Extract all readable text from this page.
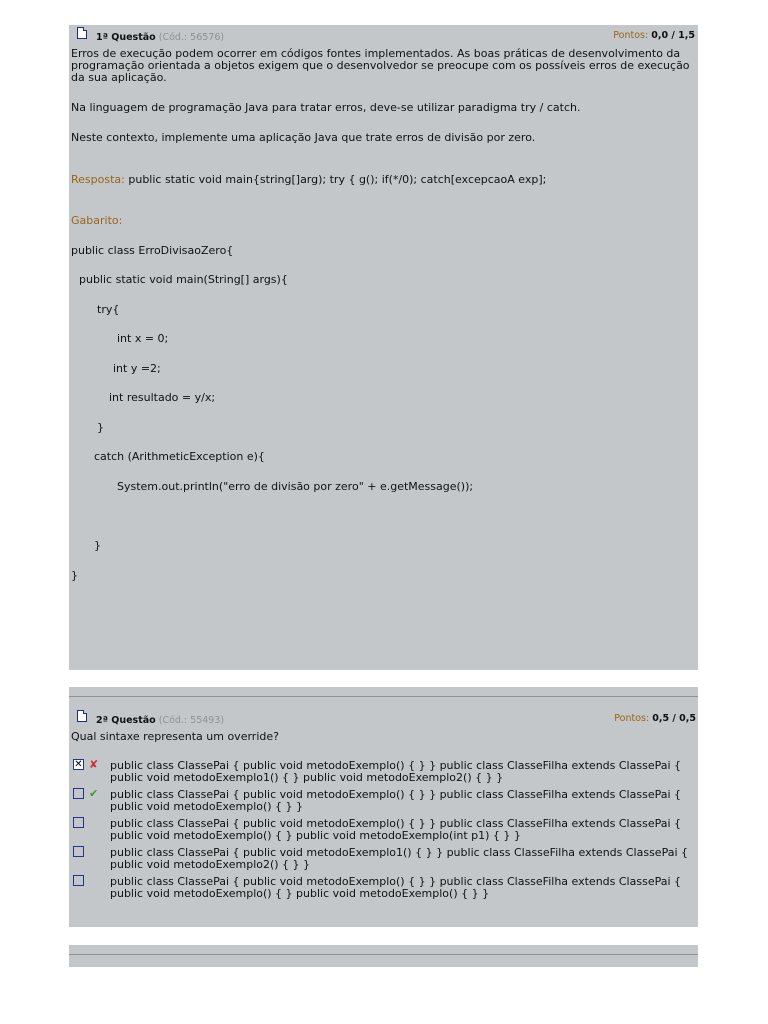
1ª Questão (Cód.: 56576)	Pontos: 0,0 / 1,5
Erros de execução podem ocorrer em códigos fontes implementados. As boas práticas de desenvolvimento da
programação orientada a objetos exigem que o desenvolvedor se preocupe com os possíveis erros de execução
da sua aplicação.
Na linguagem de programação Java para tratar erros, deve-se utilizar paradigma try / catch.
Neste contexto, implemente uma aplicação Java que trate erros de divisão por zero.
Resposta: public static void main{string[]arg); try { g(); if(*/0); catch[excepcaoA exp];
Gabarito:
public class ErroDivisaoZero{
public static void main(String[] args){
try{
int x = 0;
int y =2;
int resultado = y/x;
}
catch (ArithmeticException e){
System.out.println("erro de divisão por zero" + e.getMessage());
}
}
2ª Questão (Cód.: 55493)	Pontos: 0,5 / 0,5
Qual sintaxe representa um override?
✕ ✘ public class ClassePai { public void metodoExemplo() { } } public class ClasseFilha extends ClassePai {
public void metodoExemplo1() { } public void metodoExemplo2() { } }
✔ public class ClassePai { public void metodoExemplo() { } } public class ClasseFilha extends ClassePai {
public void metodoExemplo() { } }
public class ClassePai { public void metodoExemplo() { } } public class ClasseFilha extends ClassePai {
public void metodoExemplo() { } public void metodoExemplo(int p1) { } }
public class ClassePai { public void metodoExemplo1() { } } public class ClasseFilha extends ClassePai {
public void metodoExemplo2() { } }
public class ClassePai { public void metodoExemplo() { } } public class ClasseFilha extends ClassePai {
public void metodoExemplo() { } public void metodoExemplo() { } }
